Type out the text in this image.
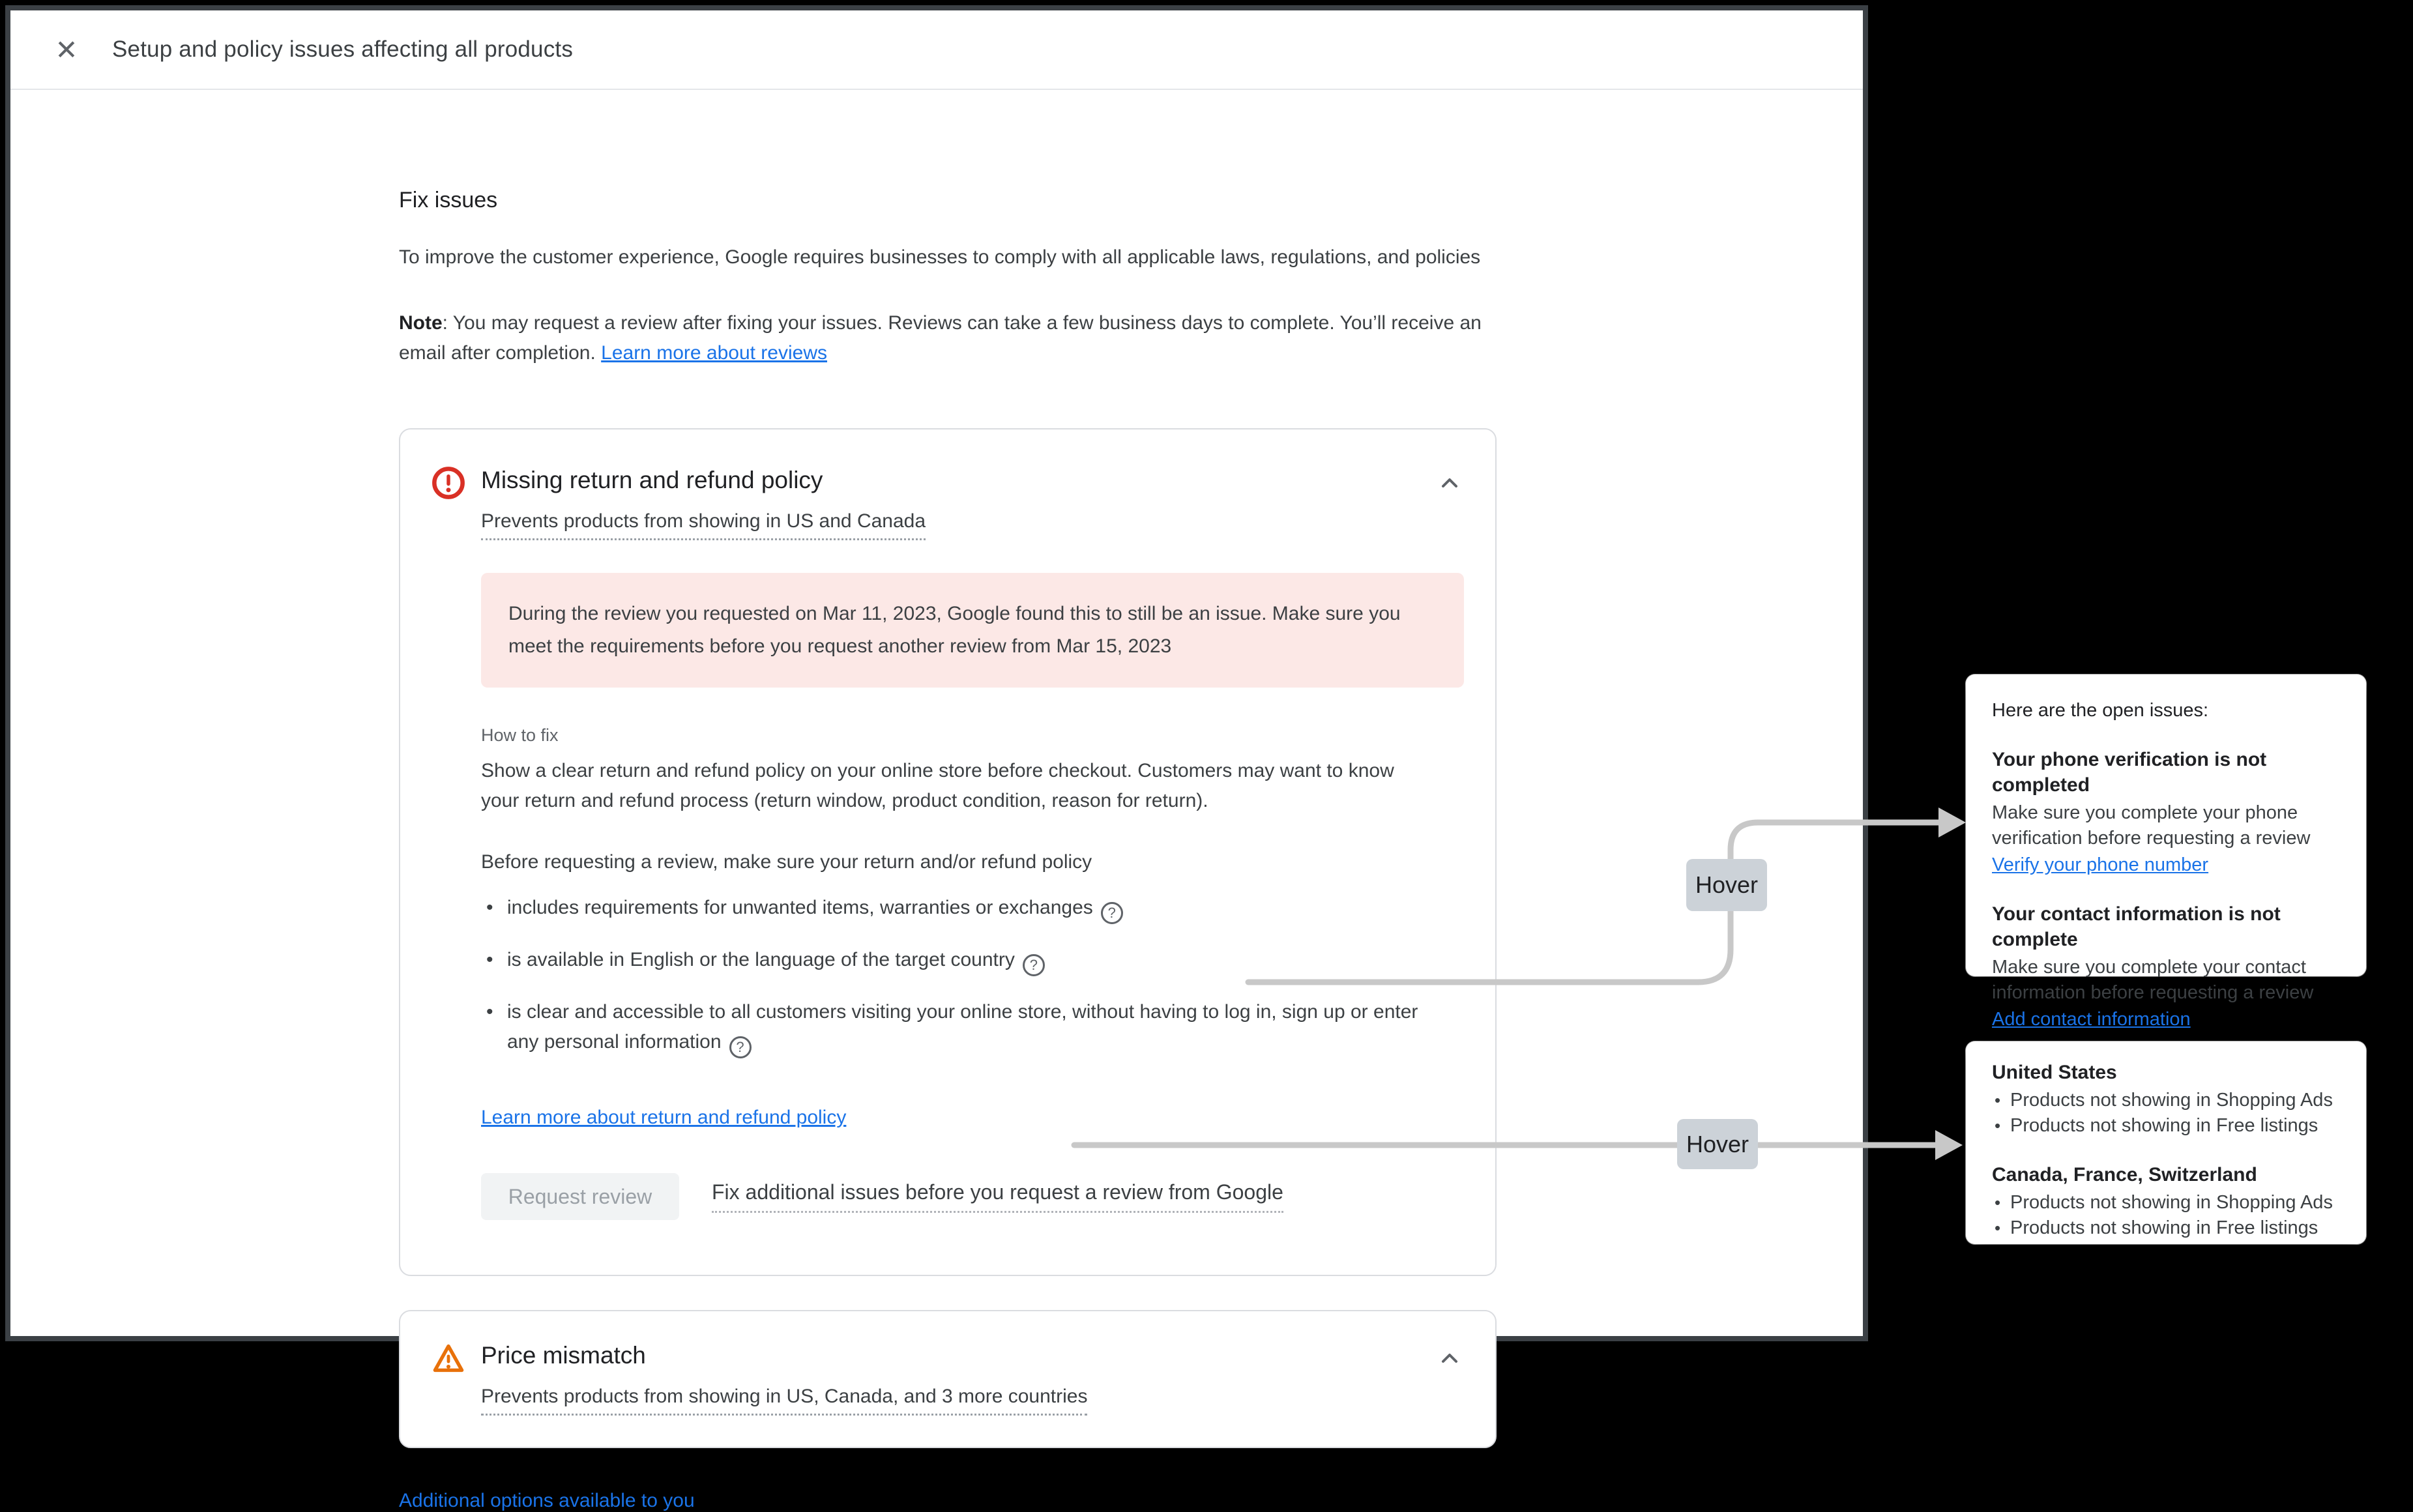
✕	Setup and policy issues affecting all products
Fix issues

To improve the customer experience, Google requires businesses to comply with all applicable laws, regulations, and policies

Note: You may request a review after fixing your issues. Reviews can take a few business days to complete. You’ll receive an email after completion. Learn more about reviews

Missing return and refund policy
Prevents products from showing in US and Canada
During the review you requested on Mar 11, 2023, Google found this to still be an issue. Make sure you meet the requirements before you request another review from Mar 15, 2023
How to fix
Show a clear return and refund policy on your online store before checkout. Customers may want to know your return and refund process (return window, product condition, reason for return).
Before requesting a review, make sure your return and/or refund policy
• includes requirements for unwanted items, warranties or exchanges ?
• is available in English or the language of the target country ?
• is clear and accessible to all customers visiting your online store, without having to log in, sign up or enter any personal information ?
Learn more about return and refund policy
Request review	Fix additional issues before you request a review from Google
Price mismatch
Prevents products from showing in US, Canada, and 3 more countries
Additional options available to you
Hover
Hover
Here are the open issues:
Your phone verification is not completed
Make sure you complete your phone verification before requesting a review
Verify your phone number
Your contact information is not complete
Make sure you complete your contact information before requesting a review
Add contact information
United States
• Products not showing in Shopping Ads
• Products not showing in Free listings
Canada, France, Switzerland
• Products not showing in Shopping Ads
• Products not showing in Free listings
